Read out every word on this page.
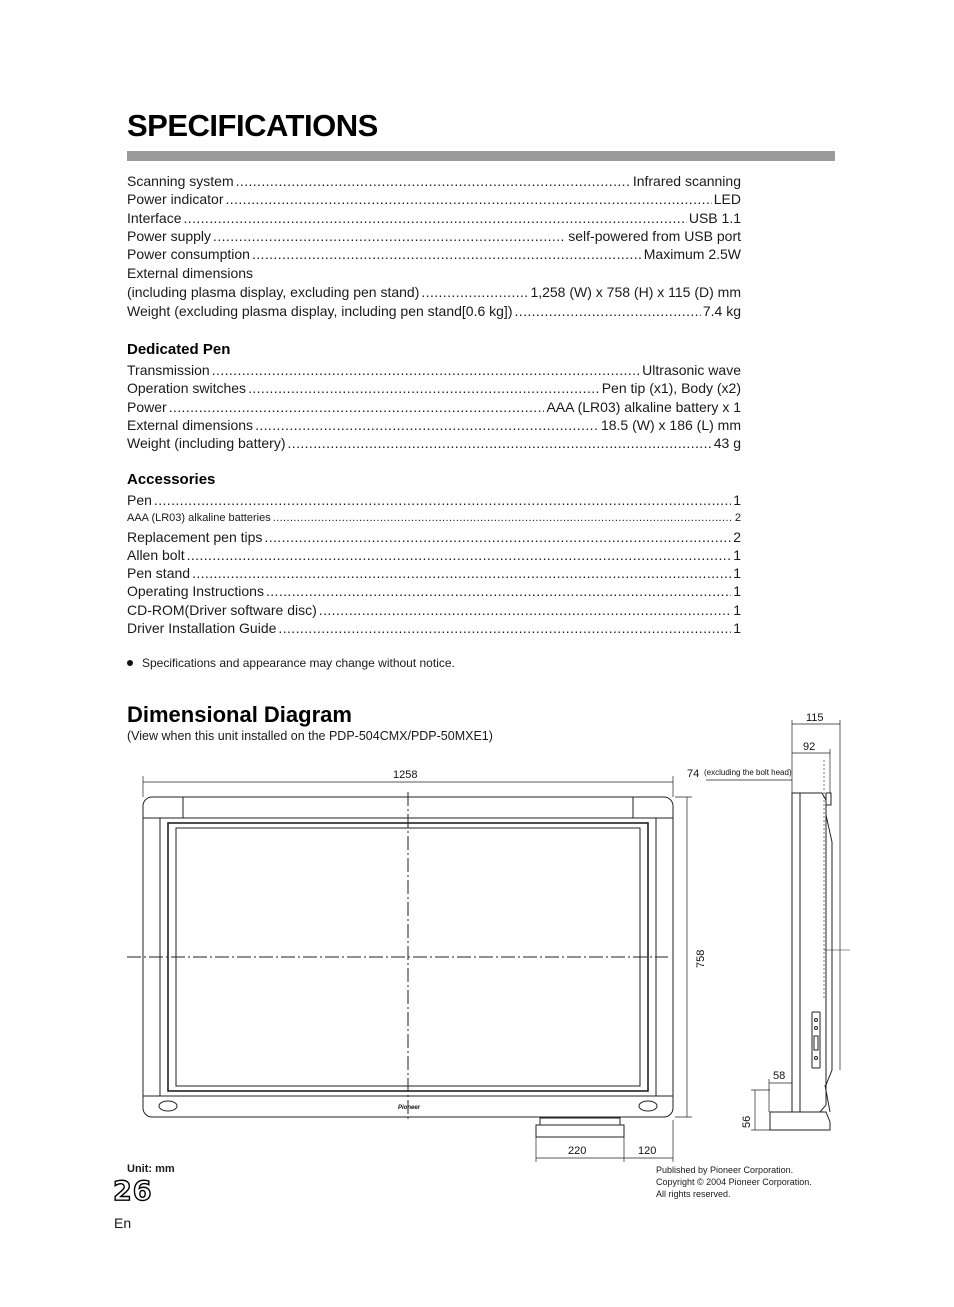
SPECIFICATIONS
Scanning system .....	Infrared scanning
Power indicator .....	LED
Interface .....	USB 1.1
Power supply .....	self-powered from USB port
Power consumption .....	Maximum 2.5W
External dimensions
(including plasma display, excluding pen stand) .....	1,258 (W) x 758 (H) x 115 (D) mm
Weight (excluding plasma display, including pen stand[0.6 kg]) .....	7.4 kg
Dedicated Pen
Transmission .....	Ultrasonic wave
Operation switches .....	Pen tip (x1), Body (x2)
Power .....	AAA (LR03) alkaline battery x 1
External dimensions .....	18.5 (W) x 186 (L) mm
Weight (including battery) .....	43 g
Accessories
Pen .....	1
AAA (LR03) alkaline batteries .....	2
Replacement pen tips .....	2
Allen bolt .....	1
Pen stand .....	1
Operating Instructions .....	1
CD-ROM(Driver software disc) .....	1
Driver Installation Guide .....	1
Specifications and appearance may change without notice.
Dimensional Diagram
(View when this unit installed on the PDP-504CMX/PDP-50MXE1)
1258
758
115
92
74 (excluding the bolt head)
58
56
220	120
Pioneer
Unit: mm
26
En
Published by Pioneer Corporation.
Copyright © 2004 Pioneer Corporation.
All rights reserved.
